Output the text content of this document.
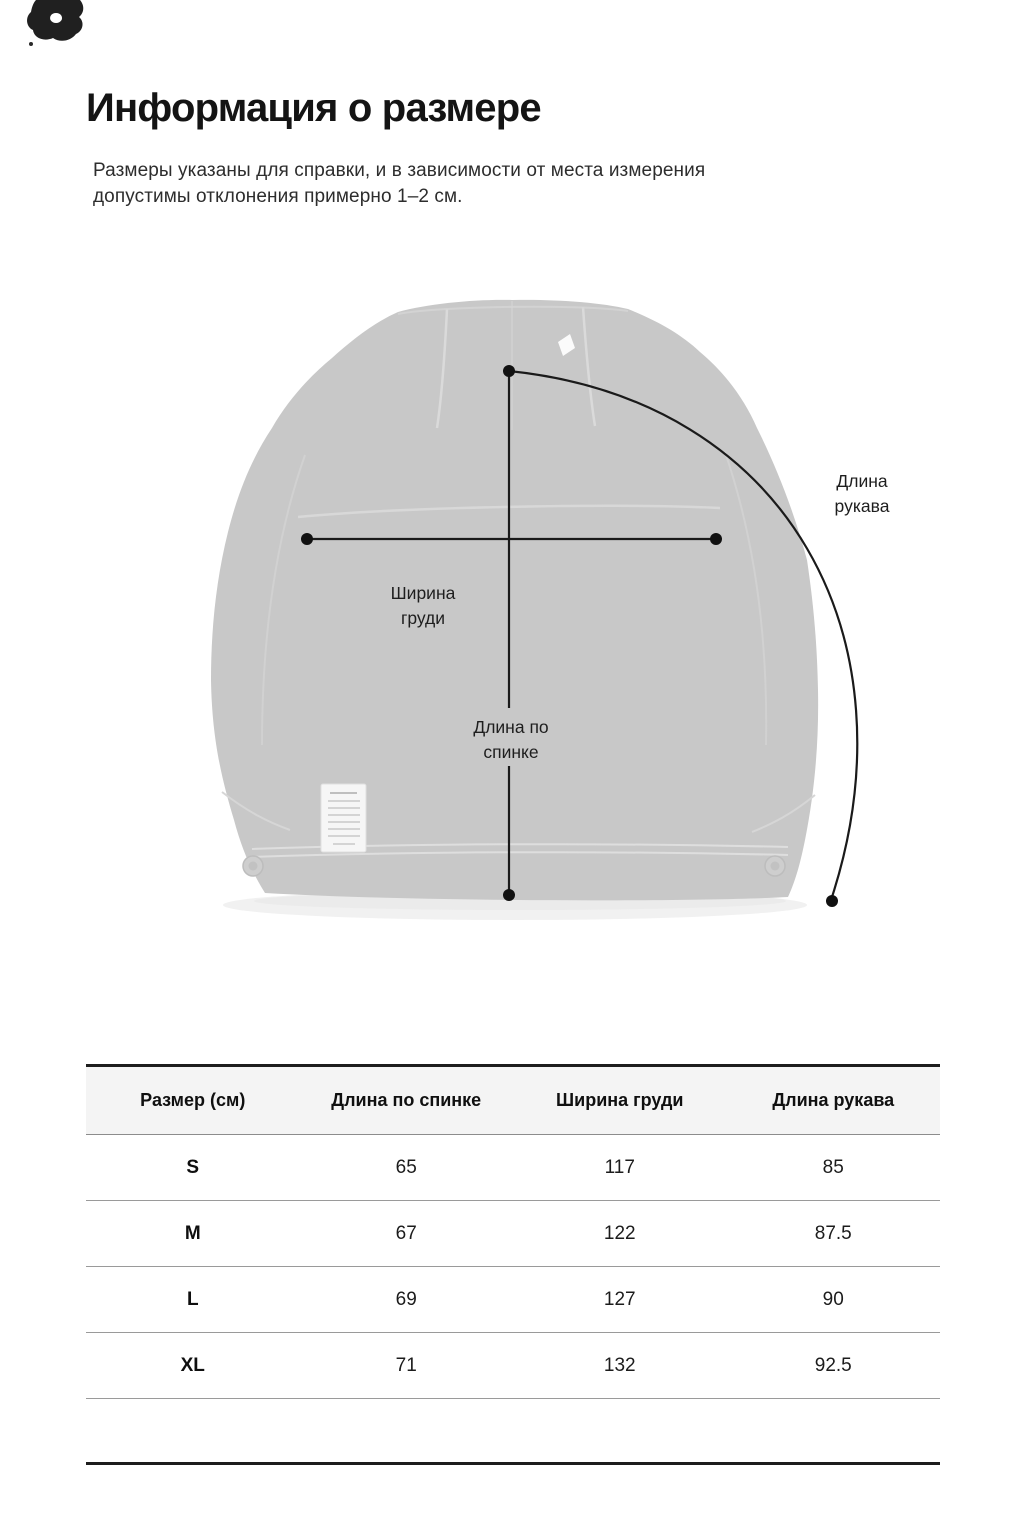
Информация о размере
Размеры указаны для справки, и в зависимости от места измерения
допустимы отклонения примерно 1–2 см.
Ширина
груди
Длина по
спинке
Длина
рукава
Размер (см)	Длина по спинке	Ширина груди	Длина рукава
S	65	117	85
M	67	122	87.5
L	69	127	90
XL	71	132	92.5
